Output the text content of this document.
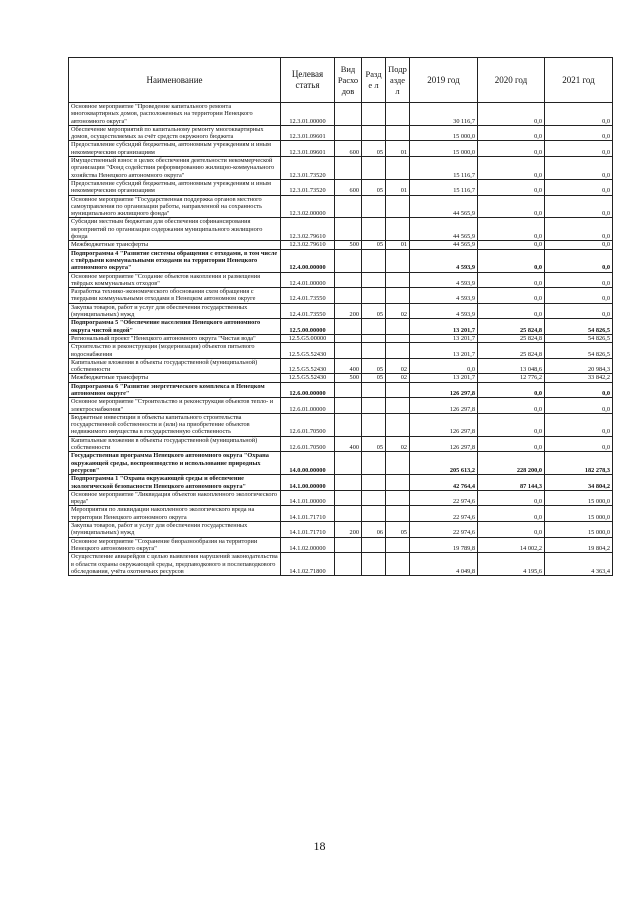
Наименование	Целевая статья	Вид Расхо дов	Разде л	Подр аздел	2019 год	2020 год	2021 год
Основное мероприятие "Проведение капитального ремонта многоквартирных домов, расположенных на территории Ненецкого автономного округа"	12.3.01.00000				30 116,7	0,0	0,0
Обеспечение мероприятий по капитальному ремонту многоквартирных домов, осуществляемых за счёт средств окружного бюджета	12.3.01.09601				15 000,0	0,0	0,0
Предоставление субсидий бюджетным, автономным учреждениям и иным некоммерческим организациям	12.3.01.09601	600	05	01	15 000,0	0,0	0,0
Имущественный взнос в целях обеспечения деятельности некоммерческой организации "Фонд содействия реформированию жилищно-коммунального хозяйства Ненецкого автономного округа"	12.3.01.73520				15 116,7	0,0	0,0
Предоставление субсидий бюджетным, автономным учреждениям и иным некоммерческим организациям	12.3.01.73520	600	05	01	15 116,7	0,0	0,0
Основное мероприятие "Государственная поддержка органов местного самоуправления по организации работы, направленной на сохранность муниципального жилищного фонда"	12.3.02.00000				44 565,9	0,0	0,0
Субсидии местным бюджетам для обеспечения софинансирования мероприятий по организации содержания муниципального жилищного фонда	12.3.02.79610				44 565,9	0,0	0,0
Межбюджетные трансферты	12.3.02.79610	500	05	01	44 565,9	0,0	0,0
Подпрограмма 4 "Развитие системы обращения с отходами, в том числе с твёрдыми коммунальными отходами на территории Ненецкого автономного округа"	12.4.00.00000				4 593,9	0,0	0,0
Основное мероприятие "Создание объектов накопления и размещения твёрдых коммунальных отходов"	12.4.01.00000				4 593,9	0,0	0,0
Разработка технико-экономического обоснования схем обращения с твердыми коммунальными отходами в Ненецком автономном округе	12.4.01.73550				4 593,9	0,0	0,0
Закупка товаров, работ и услуг для обеспечения государственных (муниципальных) нужд	12.4.01.73550	200	05	02	4 593,9	0,0	0,0
Подпрограмма 5 "Обеспечение населения Ненецкого автономного округа чистой водой"	12.5.00.00000				13 201,7	25 824,8	54 826,5
Региональный проект "Ненецкого автономного округа "Чистая вода"	12.5.G5.00000				13 201,7	25 824,8	54 826,5
Строительство и реконструкция (модернизация) объектов питьевого водоснабжения	12.5.G5.52430				13 201,7	25 824,8	54 826,5
Капитальные вложения в объекты государственной (муниципальной) собственности	12.5.G5.52430	400	05	02	0,0	13 048,6	20 984,3
Межбюджетные трансферты	12.5.G5.52430	500	05	02	13 201,7	12 776,2	33 842,2
Подпрограмма 6 "Развитие энергетического комплекса в Ненецком автономном округе"	12.6.00.00000				126 297,8	0,0	0,0
Основное мероприятие "Строительство и реконструкция объектов тепло- и электроснабжения"	12.6.01.00000				126 297,8	0,0	0,0
Бюджетные инвестиции в объекты капитального строительства государственной собственности и (или) на приобретение объектов недвижимого имущества в государственную собственность	12.6.01.70500				126 297,8	0,0	0,0
Капитальные вложения в объекты государственной (муниципальной) собственности	12.6.01.70500	400	05	02	126 297,8	0,0	0,0
Государственная программа Ненецкого автономного округа "Охрана окружающей среды, воспроизводство и использование природных ресурсов"	14.0.00.00000				205 613,2	228 200,0	182 278,3
Подпрограмма 1 "Охрана окружающей среды и обеспечение экологической безопасности Ненецкого автономного округа"	14.1.00.00000				42 764,4	87 144,3	34 804,2
Основное мероприятие "Ликвидация объектов накопленного экологического вреда"	14.1.01.00000				22 974,6	0,0	15 000,0
Мероприятия по ликвидации накопленного экологического вреда на территории Ненецкого автономного округа	14.1.01.71710				22 974,6	0,0	15 000,0
Закупка товаров, работ и услуг для обеспечения государственных (муниципальных) нужд	14.1.01.71710	200	06	05	22 974,6	0,0	15 000,0
Основное мероприятие "Сохранение биоразнообразия на территории Ненецкого автономного округа"	14.1.02.00000				19 789,8	14 002,2	19 804,2
Осуществление авиарейдов с целью выявления нарушений законодательства в области охраны окружающей среды, предпаводкового и послепаводкового обследования, учёта охотничьих ресурсов	14.1.02.71800				4 049,8	4 195,6	4 363,4
18
